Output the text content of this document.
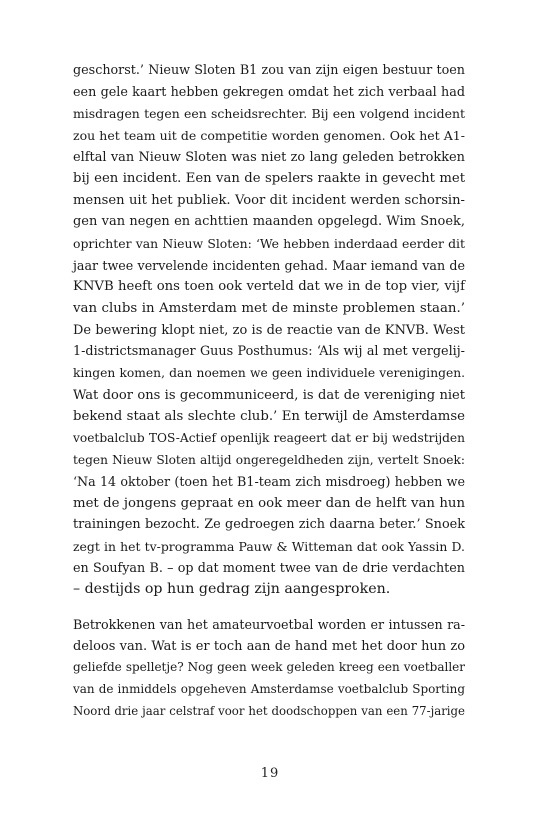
geschorst.’ Nieuw Sloten B1 zou van zijn eigen bestuur toen
een gele kaart hebben gekregen omdat het zich verbaal had
misdragen tegen een scheidsrechter. Bij een volgend incident
zou het team uit de competitie worden genomen. Ook het A1-
elftal van Nieuw Sloten was niet zo lang geleden betrokken
bij een incident. Een van de spelers raakte in gevecht met
mensen uit het publiek. Voor dit incident werden schorsin-
gen van negen en achttien maanden opgelegd. Wim Snoek,
oprichter van Nieuw Sloten: ‘We hebben inderdaad eerder dit
jaar twee vervelende incidenten gehad. Maar iemand van de
KNVB heeft ons toen ook verteld dat we in de top vier, vijf
van clubs in Amsterdam met de minste problemen staan.’
De bewering klopt niet, zo is de reactie van de KNVB. West
1-districtsmanager Guus Posthumus: ‘Als wij al met vergelij-
kingen komen, dan noemen we geen individuele verenigingen.
Wat door ons is gecommuniceerd, is dat de vereniging niet
bekend staat als slechte club.’ En terwijl de Amsterdamse
voetbalclub TOS-Actief openlijk reageert dat er bij wedstrijden
tegen Nieuw Sloten altijd ongeregeldheden zijn, vertelt Snoek:
‘Na 14 oktober (toen het B1-team zich misdroeg) hebben we
met de jongens gepraat en ook meer dan de helft van hun
trainingen bezocht. Ze gedroegen zich daarna beter.’ Snoek
zegt in het tv-programma Pauw & Witteman dat ook Yassin D.
en Soufyan B. – op dat moment twee van de drie verdachten
– destijds op hun gedrag zijn aangesproken.
Betrokkenen van het amateurvoetbal worden er intussen ra-
deloos van. Wat is er toch aan de hand met het door hun zo
geliefde spelletje? Nog geen week geleden kreeg een voetballer
van de inmiddels opgeheven Amsterdamse voetbalclub Sporting
Noord drie jaar celstraf voor het doodschoppen van een 77-jarige
19
